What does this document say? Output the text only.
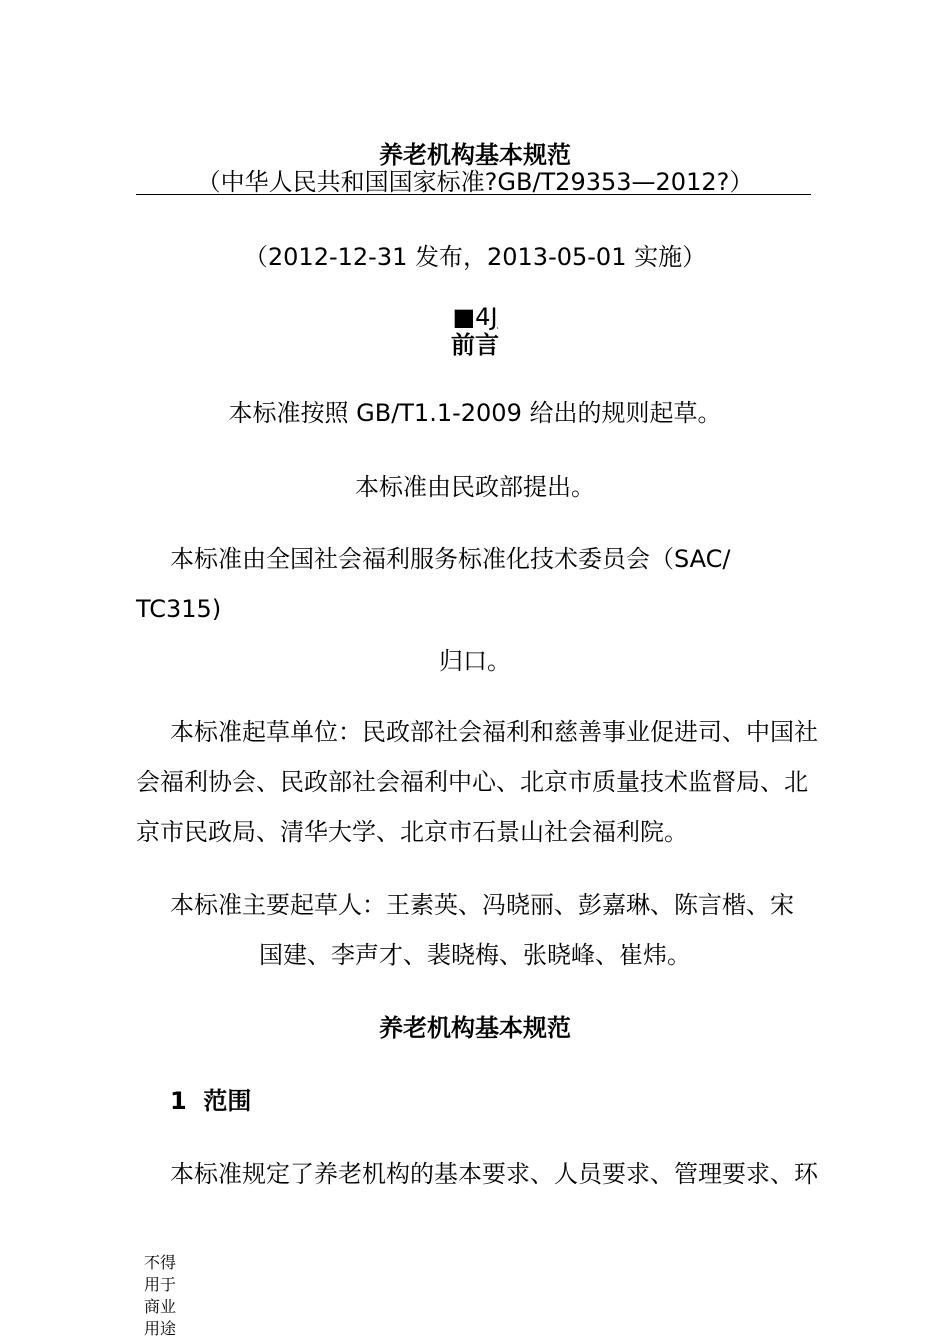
养老机构基本规范
（中华人民共和国国家标准?GB/T29353—2012?）
（2012-12-31 发布，2013-05-01 实施）
■4J
前言
本标准按照 GB/T1.1-2009 给出的规则起草。
本标准由民政部提出。
本标准由全国社会福利服务标准化技术委员会（SAC/
TC315)
归口。
本标准起草单位：民政部社会福利和慈善事业促进司、中国社
会福利协会、民政部社会福利中心、北京市质量技术监督局、北
京市民政局、清华大学、北京市石景山社会福利院。
本标准主要起草人：王素英、冯晓丽、彭嘉琳、陈言楷、宋
国建、李声才、裴晓梅、张晓峰、崔炜。
养老机构基本规范
1 范围
本标准规定了养老机构的基本要求、人员要求、管理要求、环
不得
用于
商业
用途
